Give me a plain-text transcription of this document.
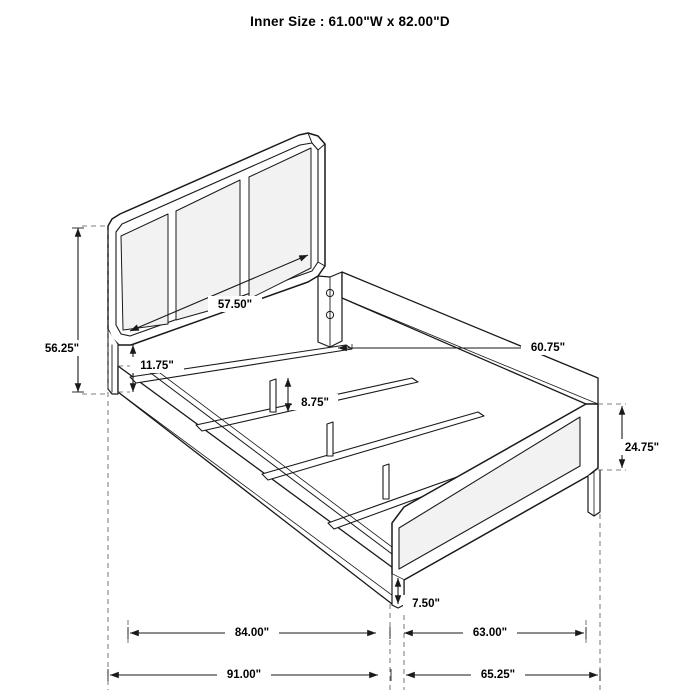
Inner Size : 61.00"W x 82.00"D
56.25"
57.50"
11.75"
8.75"
60.75"
24.75"
7.50"
84.00"	63.00"
91.00"	65.25"
